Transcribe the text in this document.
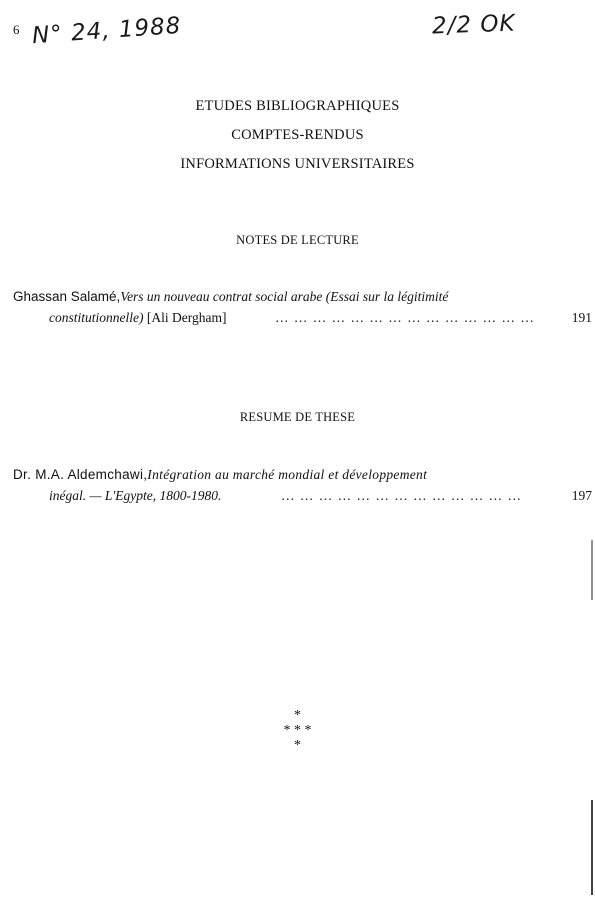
6 N° 24, 1988	2/2 OK
ETUDES BIBLIOGRAPHIQUES
COMPTES-RENDUS
INFORMATIONS UNIVERSITAIRES
NOTES DE LECTURE
Ghassan Salamé,Vers un nouveau contrat social arabe (Essai sur la légitimité
constitutionnelle) [Ali Dergham]	… … … … … … … … … … … … … …	191
RESUME DE THESE
Dr. M.A. Aldemchawi,Intégration au marché mondial et développement
inégal. — L'Egypte, 1800-1980.	… … … … … … … … … … … … …	197
*
* * *
*
